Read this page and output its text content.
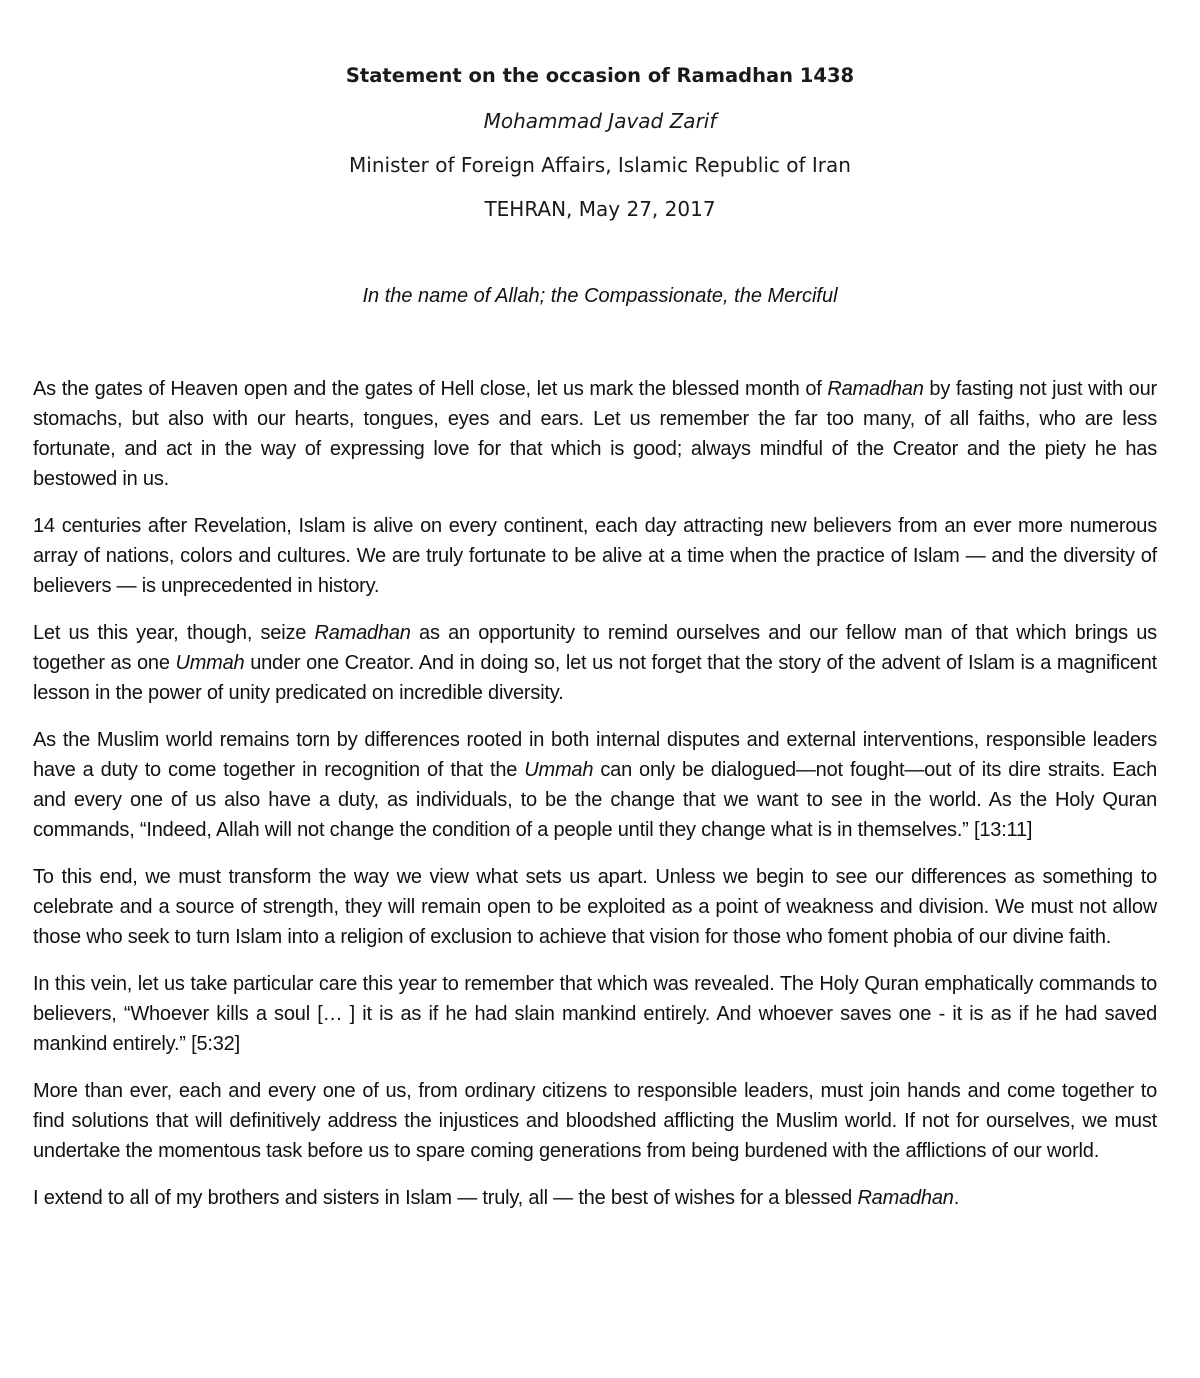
Statement on the occasion of Ramadhan 1438

Mohammad Javad Zarif

Minister of Foreign Affairs, Islamic Republic of Iran

TEHRAN, May 27, 2017

In the name of Allah; the Compassionate, the Merciful

As the gates of Heaven open and the gates of Hell close, let us mark the blessed month of Ramadhan by fasting not just with our stomachs, but also with our hearts, tongues, eyes and ears. Let us remember the far too many, of all faiths, who are less fortunate, and act in the way of expressing love for that which is good; always mindful of the Creator and the piety he has bestowed in us.

14 centuries after Revelation, Islam is alive on every continent, each day attracting new believers from an ever more numerous array of nations, colors and cultures. We are truly fortunate to be alive at a time when the practice of Islam — and the diversity of believers — is unprecedented in history.

Let us this year, though, seize Ramadhan as an opportunity to remind ourselves and our fellow man of that which brings us together as one Ummah under one Creator. And in doing so, let us not forget that the story of the advent of Islam is a magnificent lesson in the power of unity predicated on incredible diversity.

As the Muslim world remains torn by differences rooted in both internal disputes and external interventions, responsible leaders have a duty to come together in recognition of that the Ummah can only be dialogued—not fought—out of its dire straits. Each and every one of us also have a duty, as individuals, to be the change that we want to see in the world. As the Holy Quran commands, “Indeed, Allah will not change the condition of a people until they change what is in themselves.” [13:11]

To this end, we must transform the way we view what sets us apart. Unless we begin to see our differences as something to celebrate and a source of strength, they will remain open to be exploited as a point of weakness and division. We must not allow those who seek to turn Islam into a religion of exclusion to achieve that vision for those who foment phobia of our divine faith.

In this vein, let us take particular care this year to remember that which was revealed. The Holy Quran emphatically commands to believers, “Whoever kills a soul [… ] it is as if he had slain mankind entirely. And whoever saves one - it is as if he had saved mankind entirely.” [5:32]

More than ever, each and every one of us, from ordinary citizens to responsible leaders, must join hands and come together to find solutions that will definitively address the injustices and bloodshed afflicting the Muslim world. If not for ourselves, we must undertake the momentous task before us to spare coming generations from being burdened with the afflictions of our world.

I extend to all of my brothers and sisters in Islam — truly, all — the best of wishes for a blessed Ramadhan.
